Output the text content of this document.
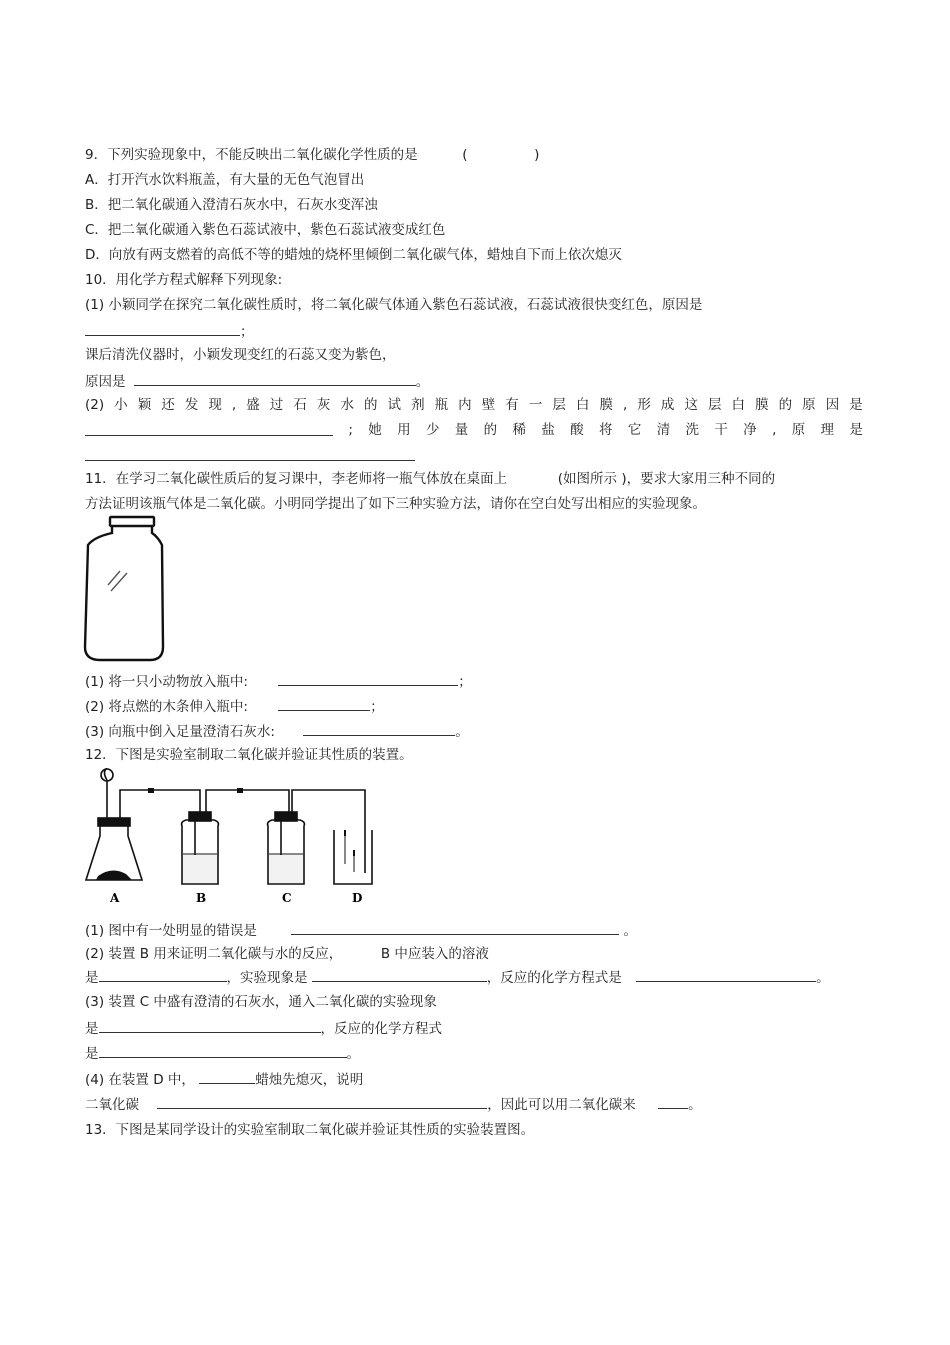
9．下列实验现象中，不能反映出二氧化碳化学性质的是	(	)
A．打开汽水饮料瓶盖，有大量的无色气泡冒出
B．把二氧化碳通入澄清石灰水中，石灰水变浑浊
C．把二氧化碳通入紫色石蕊试液中，紫色石蕊试液变成红色
D．向放有两支燃着的高低不等的蜡烛的烧杯里倾倒二氧化碳气体，蜡烛自下而上依次熄灭
10．用化学方程式解释下列现象:
(1) 小颖同学在探究二氧化碳性质时，将二氧化碳气体通入紫色石蕊试液，石蕊试液很快变红色，原因是
；
课后清洗仪器时，小颖发现变红的石蕊又变为紫色，
原因是	。
(2) 小 颖 还 发 现 , 盛 过 石 灰 水 的 试 剂 瓶 内 壁 有 一 层 白 膜 , 形 成 这 层 白 膜 的 原 因 是
; 她 用 少 量 的 稀 盐 酸 将 它 清 洗 干 净 , 原 理 是
11．在学习二氧化碳性质后的复习课中，李老师将一瓶气体放在桌面上	(如图所示 )，要求大家用三种不同的
方法证明该瓶气体是二氧化碳。小明同学提出了如下三种实验方法，请你在空白处写出相应的实验现象。
(1) 将一只小动物放入瓶中:	；
(2) 将点燃的木条伸入瓶中:	；
(3) 向瓶中倒入足量澄清石灰水:	。
12．下图是实验室制取二氧化碳并验证其性质的装置。
A	B	C	D
(1) 图中有一处明显的错误是	。
(2) 装置 B 用来证明二氧化碳与水的反应，	B 中应装入的溶液
是	，实验现象是	，反应的化学方程式是	。
(3) 装置 C 中盛有澄清的石灰水，通入二氧化碳的实验现象
是	，反应的化学方程式
是	。
(4) 在装置 D 中，	蜡烛先熄灭，说明
二氧化碳	，因此可以用二氧化碳来	。
13．下图是某同学设计的实验室制取二氧化碳并验证其性质的实验装置图。
